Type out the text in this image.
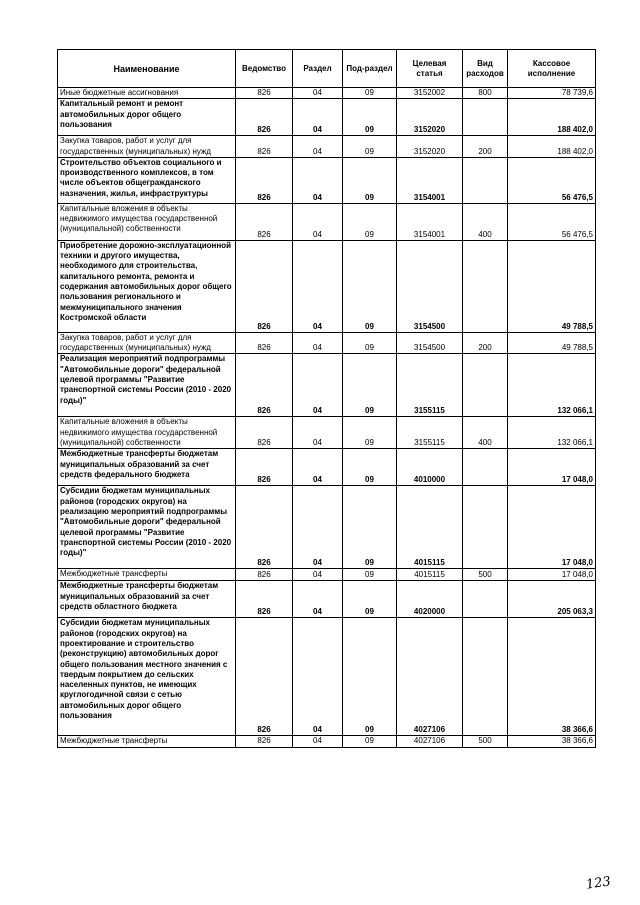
Наименование	Ведомство	Раздел	Под-раздел	Целевая статья	Вид расходов	Кассовое исполнение
Иные бюджетные ассигнования	826	04	09	3152002	800	78 739,6
Капитальный ремонт и ремонт автомобильных дорог общего пользования	826	04	09	3152020		188 402,0
Закупка товаров, работ и услуг для государственных (муниципальных) нужд	826	04	09	3152020	200	188 402,0
Строительство объектов социального и производственного комплексов, в том числе объектов общегражданского назначения, жилья, инфраструктуры	826	04	09	3154001		56 476,5
Капитальные вложения в объекты недвижимого имущества государственной (муниципальной) собственности	826	04	09	3154001	400	56 476,5
Приобретение дорожно-эксплуатационной техники и другого имущества, необходимого для строительства, капитального ремонта, ремонта и содержания автомобильных дорог общего пользования регионального и межмуниципального значения Костромской области	826	04	09	3154500		49 788,5
Закупка товаров, работ и услуг для государственных (муниципальных) нужд	826	04	09	3154500	200	49 788,5
Реализация мероприятий подпрограммы "Автомобильные дороги" федеральной целевой программы "Развитие транспортной системы России (2010 - 2020 годы)"	826	04	09	3155115		132 066,1
Капитальные вложения в объекты недвижимого имущества государственной (муниципальной) собственности	826	04	09	3155115	400	132 066,1
Межбюджетные трансферты бюджетам муниципальных образований за счет средств федерального бюджета	826	04	09	4010000		17 048,0
Субсидии бюджетам муниципальных районов (городских округов) на реализацию мероприятий подпрограммы "Автомобильные дороги" федеральной целевой программы "Развитие транспортной системы России (2010 - 2020 годы)"	826	04	09	4015115		17 048,0
Межбюджетные трансферты	826	04	09	4015115	500	17 048,0
Межбюджетные трансферты бюджетам муниципальных образований за счет средств областного бюджета	826	04	09	4020000		205 063,3
Субсидии бюджетам муниципальных районов (городских округов) на проектирование и строительство (реконструкцию) автомобильных дорог общего пользования местного значения с твердым покрытием до сельских населенных пунктов, не имеющих круглогодичной связи с сетью автомобильных дорог общего пользования	826	04	09	4027106		38 366,6
Межбюджетные трансферты	826	04	09	4027106	500	38 366,6
123
